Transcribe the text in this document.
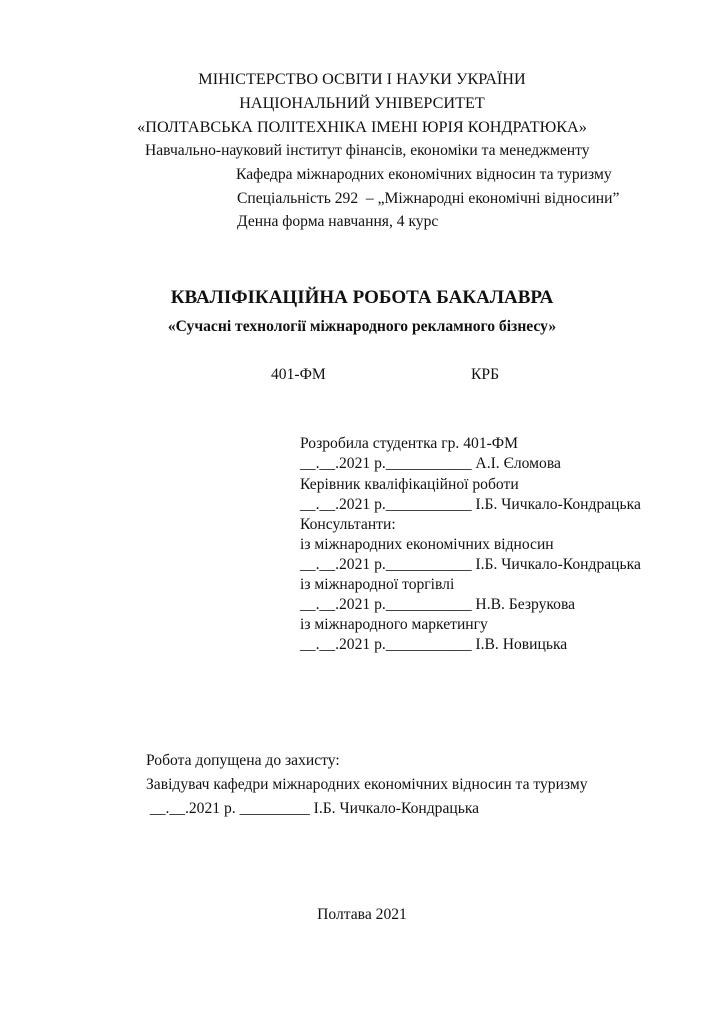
МІНІСТЕРСТВО ОСВІТИ І НАУКИ УКРАЇНИ
НАЦІОНАЛЬНИЙ УНІВЕРСИТЕТ
«ПОЛТАВСЬКА ПОЛІТЕХНІКА ІМЕНІ ЮРІЯ КОНДРАТЮКА»
Навчально-науковий інститут фінансів, економіки та менеджменту
Кафедра міжнародних економічних відносин та туризму
Спеціальність 292  – „Міжнародні економічні відносини”
Денна форма навчання, 4 курс
КВАЛІФІКАЦІЙНА РОБОТА БАКАЛАВРА
«Сучасні технології міжнародного рекламного бізнесу»
401-ФМ	КРБ
Розробила студентка гр. 401-ФМ
__.__.2021 р.___________ А.І. Єломова
Керівник кваліфікаційної роботи
__.__.2021 р.___________ І.Б. Чичкало-Кондрацька
Консультанти:
із міжнародних економічних відносин
__.__.2021 р.___________ І.Б. Чичкало-Кондрацька
із міжнародної торгівлі
__.__.2021 р.___________ Н.В. Безрукова
із міжнародного маркетингу
__.__.2021 р.___________ І.В. Новицька
Робота допущена до захисту:
Завідувач кафедри міжнародних економічних відносин та туризму
__.__.2021 р. _________ І.Б. Чичкало-Кондрацька
Полтава 2021
